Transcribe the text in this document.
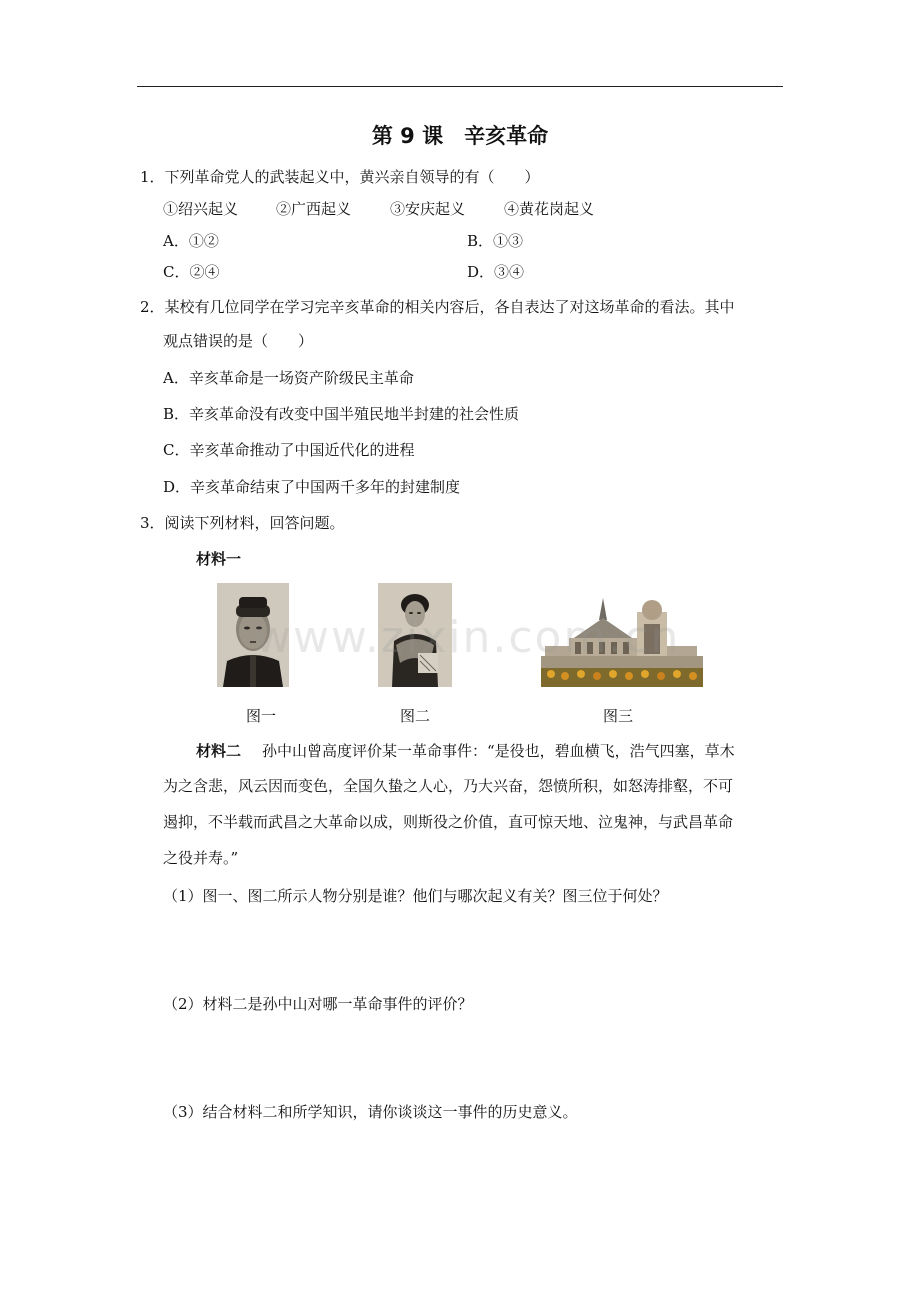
第 9 课　辛亥革命
1．下列革命党人的武装起义中，黄兴亲自领导的有（　　）
①绍兴起义	②广西起义	③安庆起义	④黄花岗起义
A．①②	B．①③
C．②④	D．③④
2．某校有几位同学在学习完辛亥革命的相关内容后，各自表达了对这场革命的看法。其中
观点错误的是（　　）
A．辛亥革命是一场资产阶级民主革命
B．辛亥革命没有改变中国半殖民地半封建的社会性质
C．辛亥革命推动了中国近代化的进程
D．辛亥革命结束了中国两千多年的封建制度
3．阅读下列材料，回答问题。
材料一
www.zixin.com.cn
图一	图二	图三
材料二 孙中山曾高度评价某一革命事件：“是役也，碧血横飞，浩气四塞，草木
为之含悲，风云因而变色，全国久蛰之人心，乃大兴奋，怨愤所积，如怒涛排壑，不可
遏抑，不半载而武昌之大革命以成，则斯役之价值，直可惊天地、泣鬼神，与武昌革命
之役并寿。”
（1）图一、图二所示人物分别是谁？他们与哪次起义有关？图三位于何处？
（2）材料二是孙中山对哪一革命事件的评价？
（3）结合材料二和所学知识，请你谈谈这一事件的历史意义。
